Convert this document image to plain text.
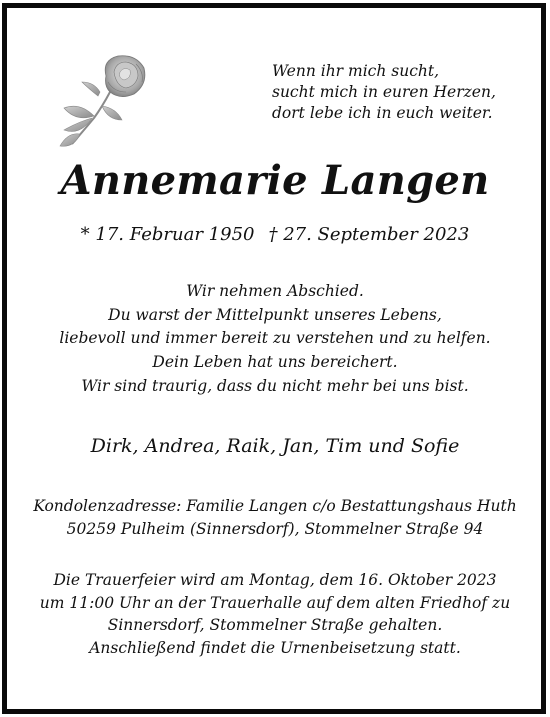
Wenn ihr mich sucht,
sucht mich in euren Herzen,
dort lebe ich in euch weiter.
Annemarie Langen
* 17. Februar 1950 † 27. September 2023
Wir nehmen Abschied.
Du warst der Mittelpunkt unseres Lebens,
liebevoll und immer bereit zu verstehen und zu helfen.
Dein Leben hat uns bereichert.
Wir sind traurig, dass du nicht mehr bei uns bist.
Dirk, Andrea, Raik, Jan, Tim und Sofie
Kondolenzadresse: Familie Langen c/o Bestattungshaus Huth
50259 Pulheim (Sinnersdorf), Stommelner Straße 94
Die Trauerfeier wird am Montag, dem 16. Oktober 2023
um 11:00 Uhr an der Trauerhalle auf dem alten Friedhof zu
Sinnersdorf, Stommelner Straße gehalten.
Anschließend findet die Urnenbeisetzung statt.
